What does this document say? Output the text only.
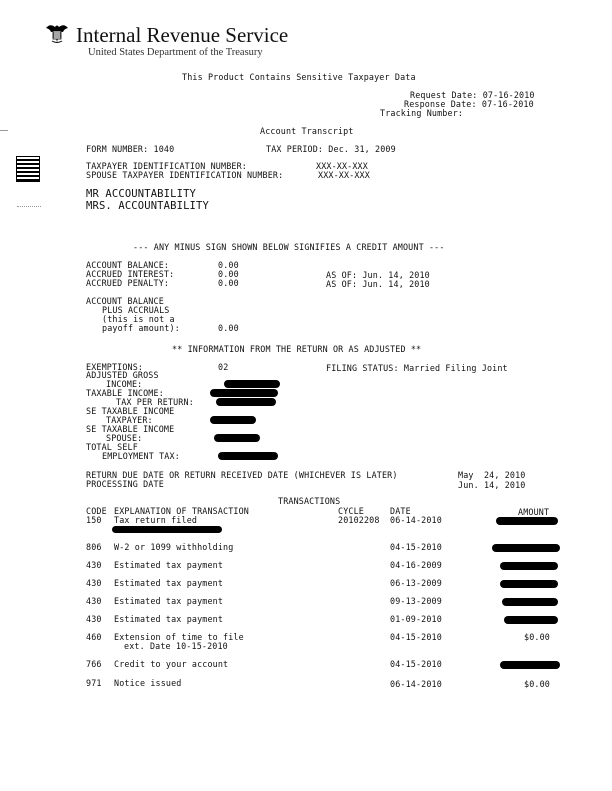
Internal Revenue Service
United States Department of the Treasury
This Product Contains Sensitive Taxpayer Data
Request Date: 07-16-2010
Response Date: 07-16-2010
Tracking Number:
Account Transcript
FORM NUMBER: 1040	TAX PERIOD: Dec. 31, 2009
TAXPAYER IDENTIFICATION NUMBER:	XXX-XX-XXX
SPOUSE TAXPAYER IDENTIFICATION NUMBER:	XXX-XX-XXX
MR ACCOUNTABILITY
MRS. ACCOUNTABILITY
--- ANY MINUS SIGN SHOWN BELOW SIGNIFIES A CREDIT AMOUNT ---
ACCOUNT BALANCE:	0.00
ACCRUED INTEREST:	0.00	AS OF: Jun. 14, 2010
ACCRUED PENALTY:	0.00	AS OF: Jun. 14, 2010
ACCOUNT BALANCE
PLUS ACCRUALS
(this is not a
payoff amount):	0.00
** INFORMATION FROM THE RETURN OR AS ADJUSTED **
EXEMPTIONS:	02	FILING STATUS: Married Filing Joint
ADJUSTED GROSS
INCOME:
TAXABLE INCOME:
TAX PER RETURN:
SE TAXABLE INCOME
TAXPAYER:
SE TAXABLE INCOME
SPOUSE:
TOTAL SELF
EMPLOYMENT TAX:
RETURN DUE DATE OR RETURN RECEIVED DATE (WHICHEVER IS LATER)	May  24, 2010
PROCESSING DATE	Jun. 14, 2010
TRANSACTIONS
CODE EXPLANATION OF TRANSACTION	CYCLE	DATE	AMOUNT
150 Tax return filed	20102208 06-14-2010
806 W-2 or 1099 withholding	04-15-2010
430 Estimated tax payment	04-16-2009
430 Estimated tax payment	06-13-2009
430 Estimated tax payment	09-13-2009
430 Estimated tax payment	01-09-2010
460 Extension of time to file
ext. Date 10-15-2010
04-15-2010	$0.00
766 Credit to your account	04-15-2010
971 Notice issued	06-14-2010	$0.00
